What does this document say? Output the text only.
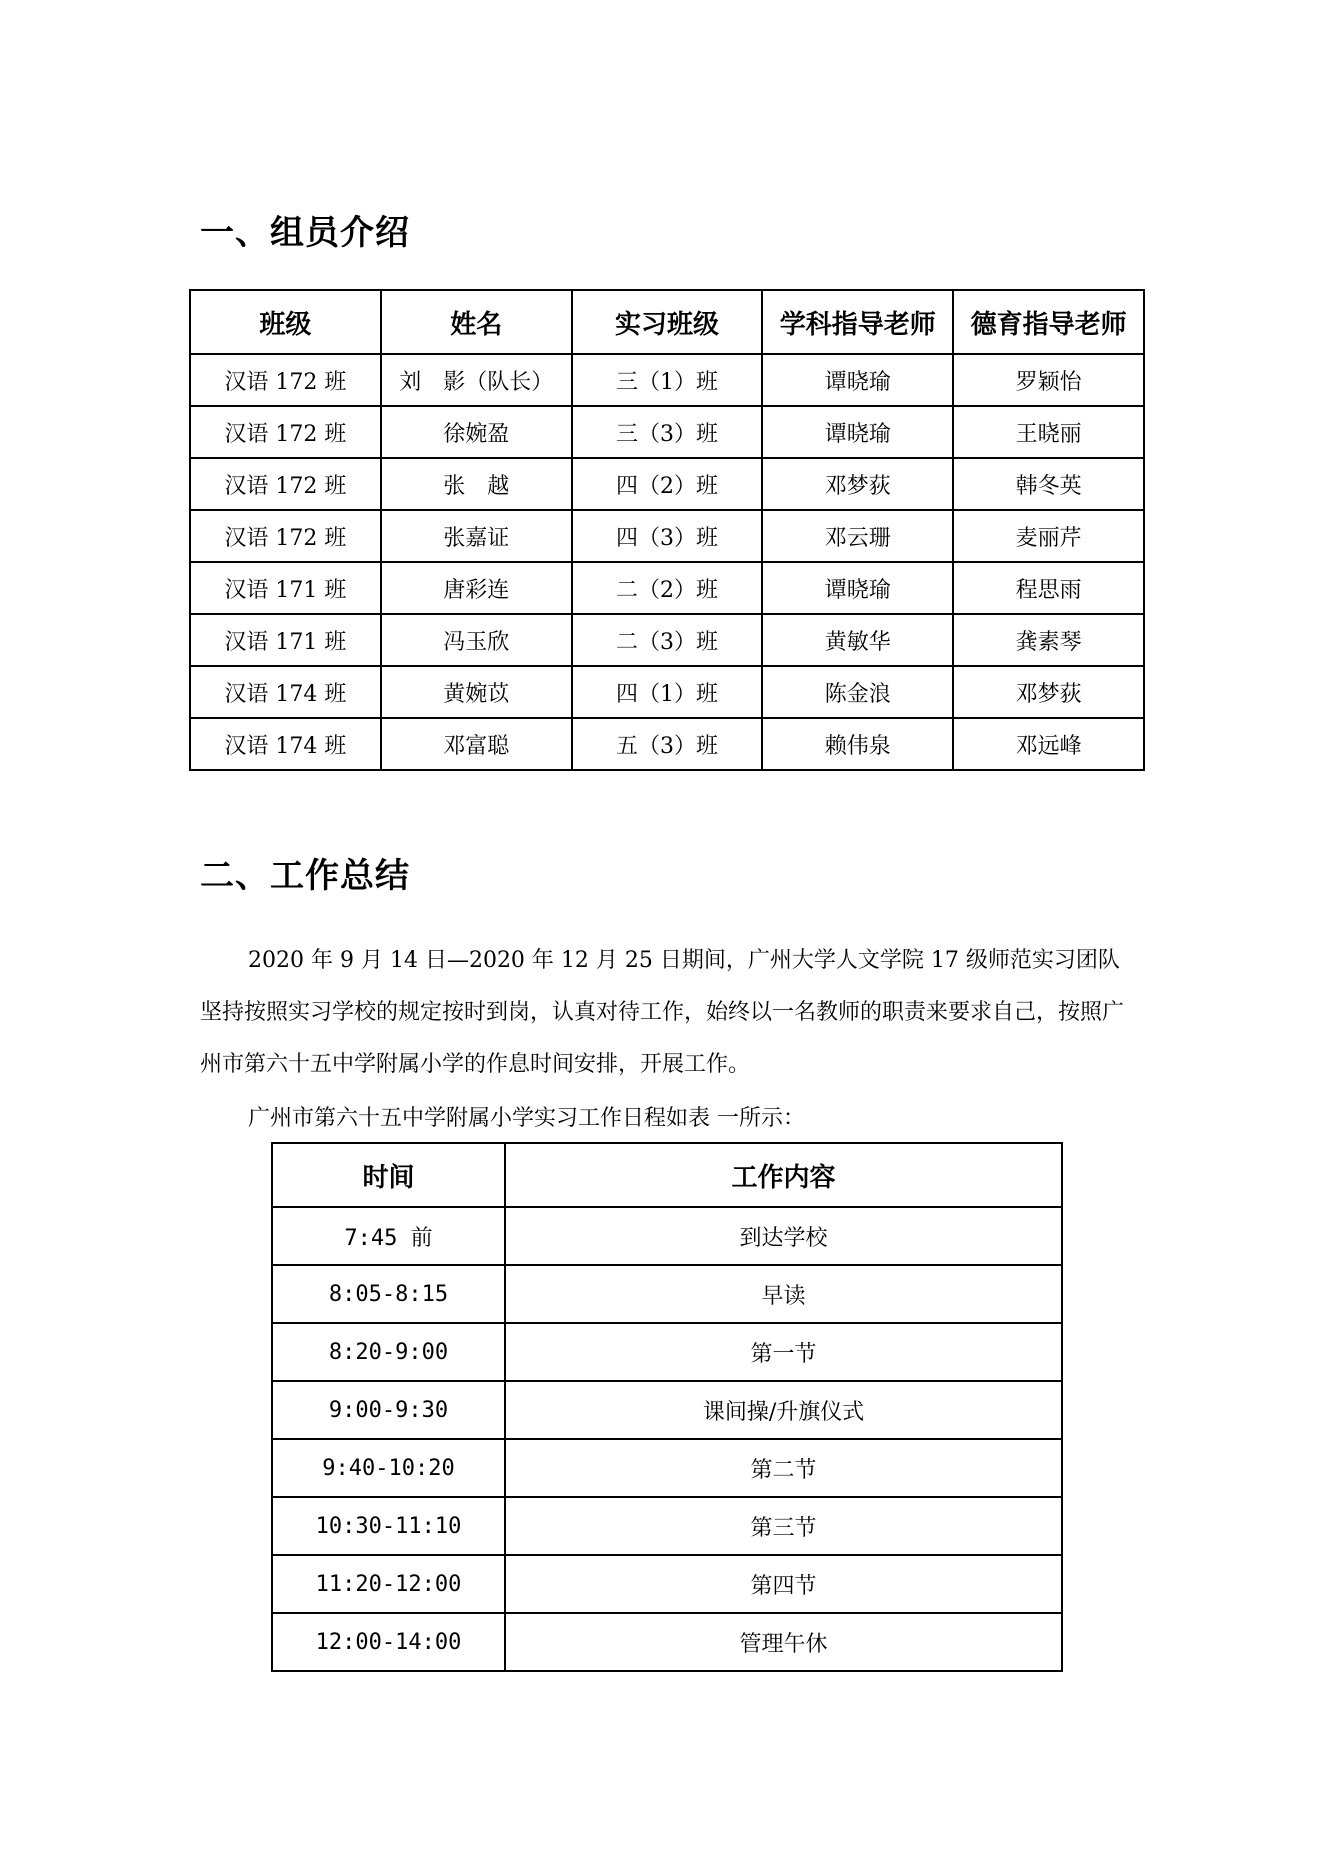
一、组员介绍
班级	姓名	实习班级	学科指导老师	德育指导老师
汉语 172 班	刘　影（队长）	三（1）班	谭晓瑜	罗颖怡
汉语 172 班	徐婉盈	三（3）班	谭晓瑜	王晓丽
汉语 172 班	张　越	四（2）班	邓梦荻	韩冬英
汉语 172 班	张嘉证	四（3）班	邓云珊	麦丽芹
汉语 171 班	唐彩连	二（2）班	谭晓瑜	程思雨
汉语 171 班	冯玉欣	二（3）班	黄敏华	龚素琴
汉语 174 班	黄婉苡	四（1）班	陈金浪	邓梦荻
汉语 174 班	邓富聪	五（3）班	赖伟泉	邓远峰
二、工作总结

2020 年 9 月 14 日—2020 年 12 月 25 日期间，广州大学人文学院 17 级师范实习团队坚持按照实习学校的规定按时到岗，认真对待工作，始终以一名教师的职责来要求自己，按照广州市第六十五中学附属小学的作息时间安排，开展工作。

广州市第六十五中学附属小学实习工作日程如表 一所示：

时间	工作内容
7:45 前	到达学校
8:05-8:15	早读
8:20-9:00	第一节
9:00-9:30	课间操/升旗仪式
9:40-10:20	第二节
10:30-11:10	第三节
11:20-12:00	第四节
12:00-14:00	管理午休
